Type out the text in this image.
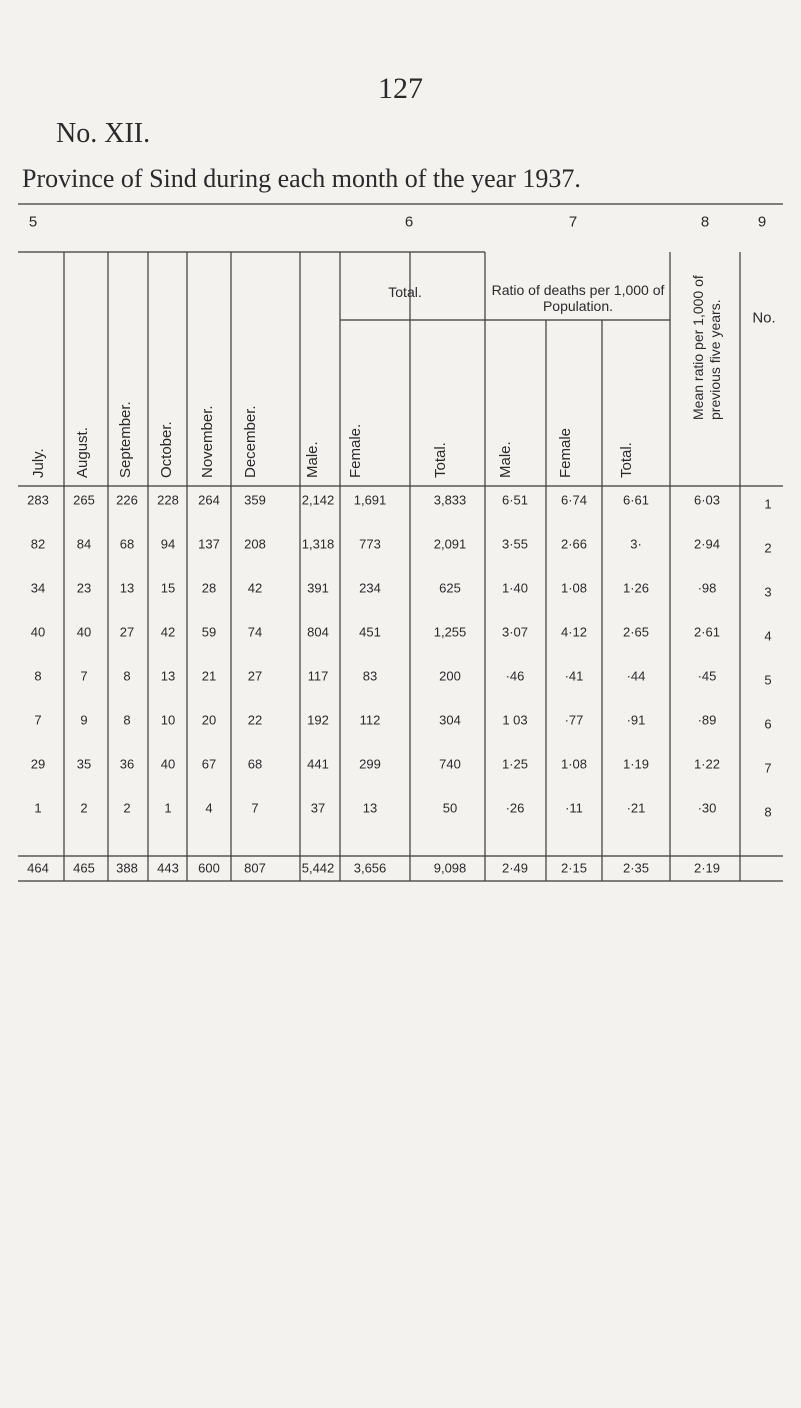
127
No. XII.
Province of Sind during each month of the year 1937.
5	6	7	8	9
Total.	Ratio of deaths per 1,000 of Population.	Mean ratio per 1,000 of previous five years. No.
July. August. September. October. November. December.	Male. Female.	Total.	Male.	Female	Total.
283 265 226 228 264 359	2,142 1,691	3,833	6·51	6·74	6·61	6·03	1
82 84 68 94 137 208	1,318 773	2,091	3·55	2·66	3·	2·94	2
34 23 13 15 28 42	391 234	625	1·40	1·08	1·26	·98	3
40 40 27 42 59 74	804 451	1,255	3·07	4·12	2·65	2·61	4
8	7	8 13 21 27	117	83	200	·46	·41	·44	·45	5
7	9	8 10 20 22	192 112	304	1 03	·77	·91	·89	6
29 35 36 40 67 68	441 299	740	1·25	1·08	1·19	1·22	7
1	2	2	1	4	7	37	13	50	·26	·11	·21	·30	8
464 465 388 443 600 807	5,442 3,656	9,098	2·49	2·15	2·35	2·19
